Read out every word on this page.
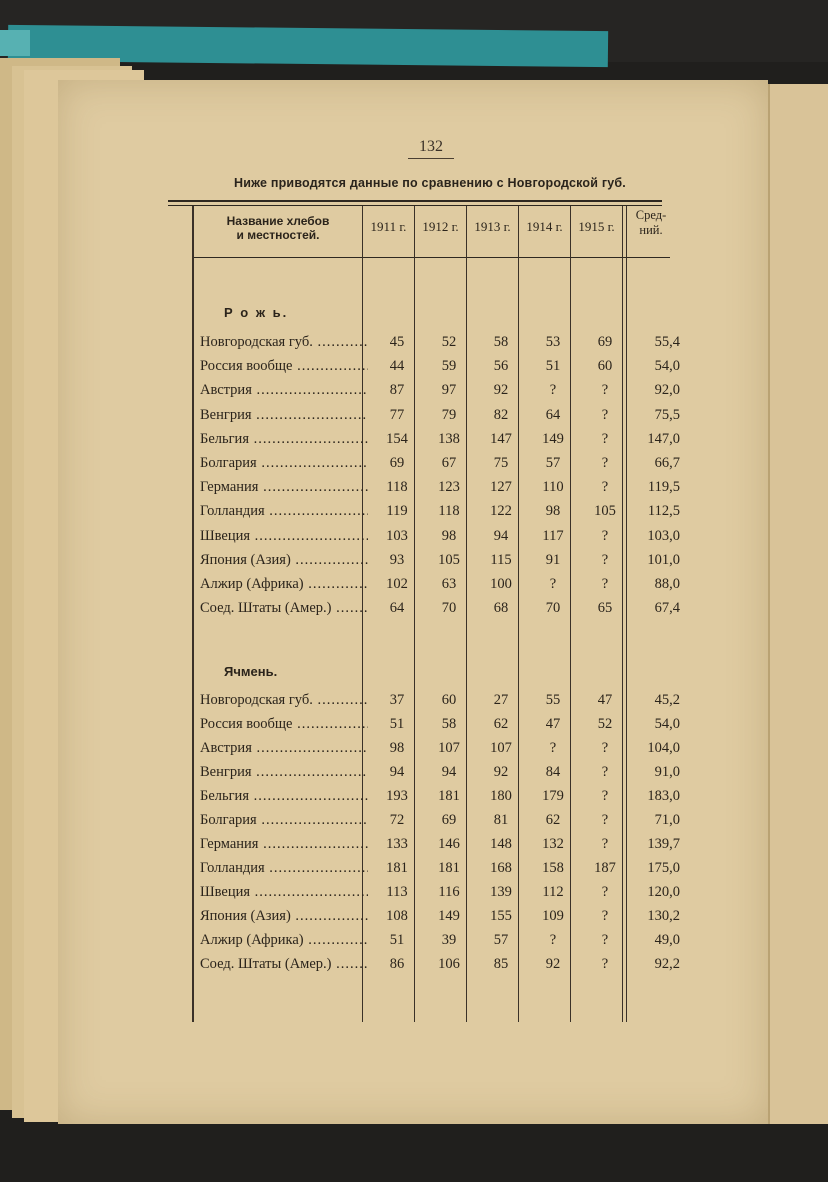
132
Ниже приводятся данные по сравнению с Новгородской губ.
Название хлебов
и местностей.
1911 г.	1912 г.	1913 г.	1914 г.	1915 г.
Сред-
ний.
Р о ж ь.
Новгородская губ. .....	45	52	58	53	69	55,4
Россия вообще .....	44	59	56	51	60	54,0
Австрия .....	87	97	92	?	?	92,0
Венгрия .....	77	79	82	64	?	75,5
Бельгия .....	154	138	147	149	?	147,0
Болгария .....	69	67	75	57	?	66,7
Германия .....	118	123	127	110	?	119,5
Голландия .....	119	118	122	98	105	112,5
Швеция .....	103	98	94	117	?	103,0
Япония (Азия) .....	93	105	115	91	?	101,0
Алжир (Африка) .....	102	63	100	?	?	88,0
Соед. Штаты (Амер.) .....	64	70	68	70	65	67,4
Ячмень.
Новгородская губ. .....	37	60	27	55	47	45,2
Россия вообще .....	51	58	62	47	52	54,0
Австрия .....	98	107	107	?	?	104,0
Венгрия .....	94	94	92	84	?	91,0
Бельгия .....	193	181	180	179	?	183,0
Болгария .....	72	69	81	62	?	71,0
Германия .....	133	146	148	132	?	139,7
Голландия .....	181	181	168	158	187	175,0
Швеция .....	113	116	139	112	?	120,0
Япония (Азия) .....	108	149	155	109	?	130,2
Алжир (Африка) .....	51	39	57	?	?	49,0
Соед. Штаты (Амер.) .....	86	106	85	92	?	92,2
